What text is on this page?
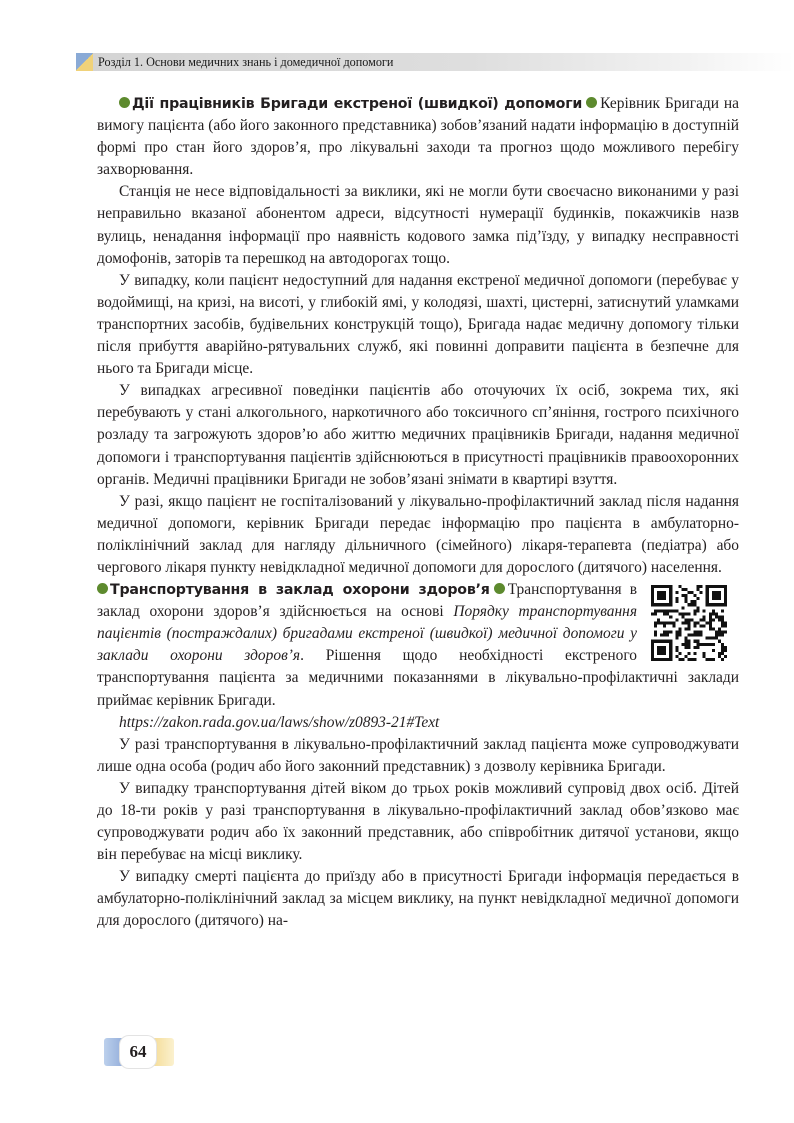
Розділ 1. Основи медичних знань і домедичної допомоги

Дії працівників Бригади екстреної (швидкої) допомоги Керівник Бригади на вимогу пацієнта (або його законного представника) зобов’язаний надати інформацію в доступній формі про стан його здоров’я, про лікувальні заходи та прогноз щодо можливого перебігу захворювання.

Станція не несе відповідальності за виклики, які не могли бути своєчасно виконаними у разі неправильно вказаної абонентом адреси, відсутності нумерації будинків, покажчиків назв вулиць, ненадання інформації про наявність кодового замка під’їзду, у випадку несправності домофонів, заторів та перешкод на автодорогах тощо.

У випадку, коли пацієнт недоступний для надання екстреної медичної допомоги (перебуває у водоймищі, на кризі, на висоті, у глибокій ямі, у колодязі, шахті, цистерні, затиснутий уламками транспортних засобів, будівельних конструкцій тощо), Бригада надає медичну допомогу тільки після прибуття аварійно-рятувальних служб, які повинні доправити пацієнта в безпечне для нього та Бригади місце.

У випадках агресивної поведінки пацієнтів або оточуючих їх осіб, зокрема тих, які перебувають у стані алкогольного, наркотичного або токсичного сп’яніння, гострого психічного розладу та загрожують здоров’ю або життю медичних працівників Бригади, надання медичної допомоги і транспортування пацієнтів здійснюються в присутності працівників правоохоронних органів. Медичні працівники Бригади не зобов’язані знімати в квартирі взуття.

У разі, якщо пацієнт не госпіталізований у лікувально-профілактичний заклад після надання медичної допомоги, керівник Бригади передає інформацію про пацієнта в амбулаторно-поліклінічний заклад для нагляду дільничного (сімейного) лікаря-терапевта (педіатра) або чергового лікаря пункту невідкладної медичної допомоги для дорослого (дитячого) населення.

Транспортування в заклад охорони здоров’я Транспортування в заклад охорони здоров’я здійснюється на основі Порядку транспортування пацієнтів (постраждалих) бригадами екстреної (швидкої) медичної допомоги у заклади охорони здоров’я. Рішення щодо необхідності екстреного транспортування пацієнта за медичними показаннями в лікувально-профілактичні заклади приймає керівник Бригади.

https://zakon.rada.gov.ua/laws/show/z0893-21#Text

У разі транспортування в лікувально-профілактичний заклад пацієнта може супроводжувати лише одна особа (родич або його законний представник) з дозволу керівника Бригади.

У випадку транспортування дітей віком до трьох років можливий супровід двох осіб. Дітей до 18-ти років у разі транспортування в лікувально-профілактичний заклад обов’язково має супроводжувати родич або їх законний представник, або співробітник дитячої установи, якщо він перебуває на місці виклику.

У випадку смерті пацієнта до приїзду або в присутності Бригади інформація передається в амбулаторно-поліклінічний заклад за місцем виклику, на пункт невідкладної медичної допомоги для дорослого (дитячого) на-

64
